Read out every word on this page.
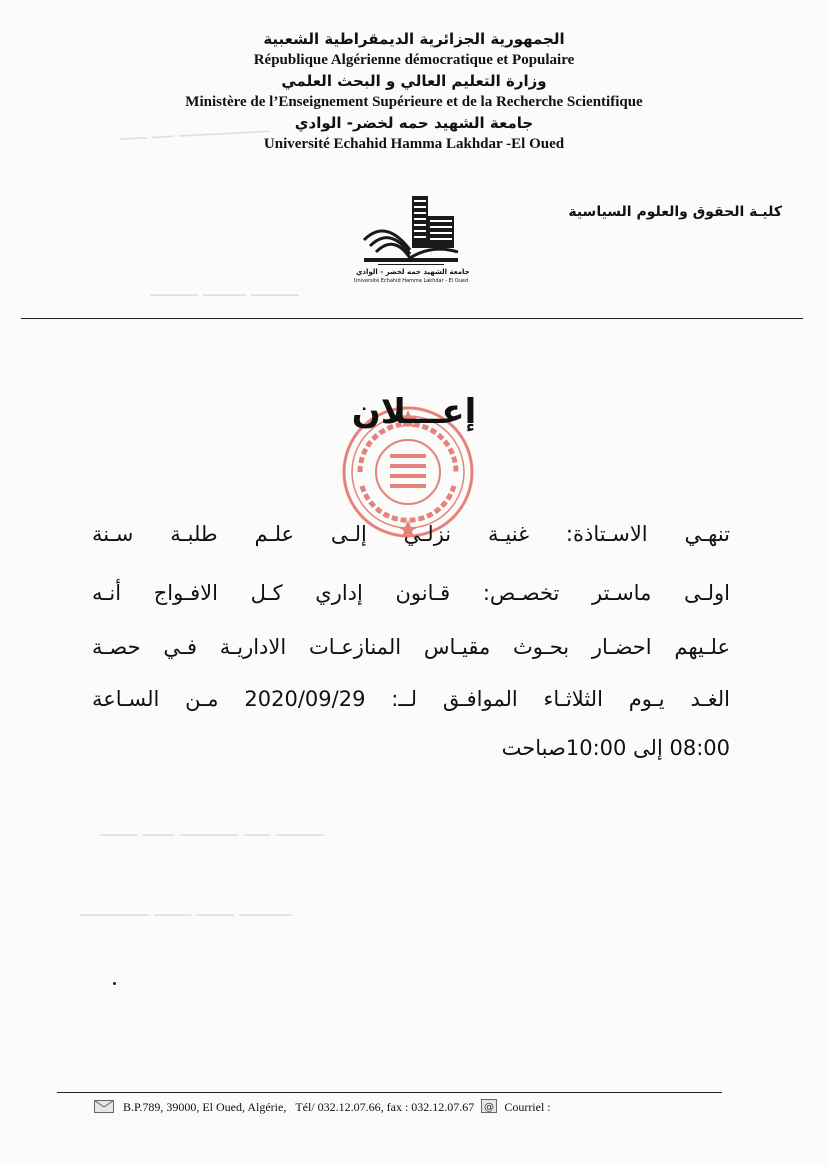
ـــــــــــــــــ ــــ ـــــ
ـــــــــ ــــــــ ـــــــــ
ـــــــــ ـــــ ـــــــــــ ــــــ ـــــــ
ــــــــــ ـــــــ ـــــــ ـــــــــــــ
الجمهورية الجزائرية الديمقراطية الشعبية
République Algérienne démocratique et Populaire
وزارة التعليم العالي و البحث العلمي
Ministère de l’Enseignement Supérieure et de la Recherche Scientifique
جامعة الشهيد حمه لخضر- الوادي
Université Echahid Hamma Lakhdar -El Oued
كليـة الحقوق والعلوم السياسية
جامعة الشهيد حمه لخضر - الوادي
Université Echahid Hamma Lakhdar - El Oued
إعـــلان
تنهـي الاسـتاذة: غنيـة نزلـي إلـى علـم طلبـة سـنة
اولـى ماسـتر تخصـص: قـانون إداري كـل الافـواج أنـه
علـيهم احضـار بحـوث مقيـاس المنازعـات الاداريـة فـي حصـة
الغـد يـوم الثلاثـاء الموافـق لــ: 2020/09/29 مـن السـاعة
08:00 إلى 10:00صباحت
B.P.789, 39000, El Oued, Algérie, Tél/ 032.12.07.66, fax : 032.12.07.67 @ Courriel :
